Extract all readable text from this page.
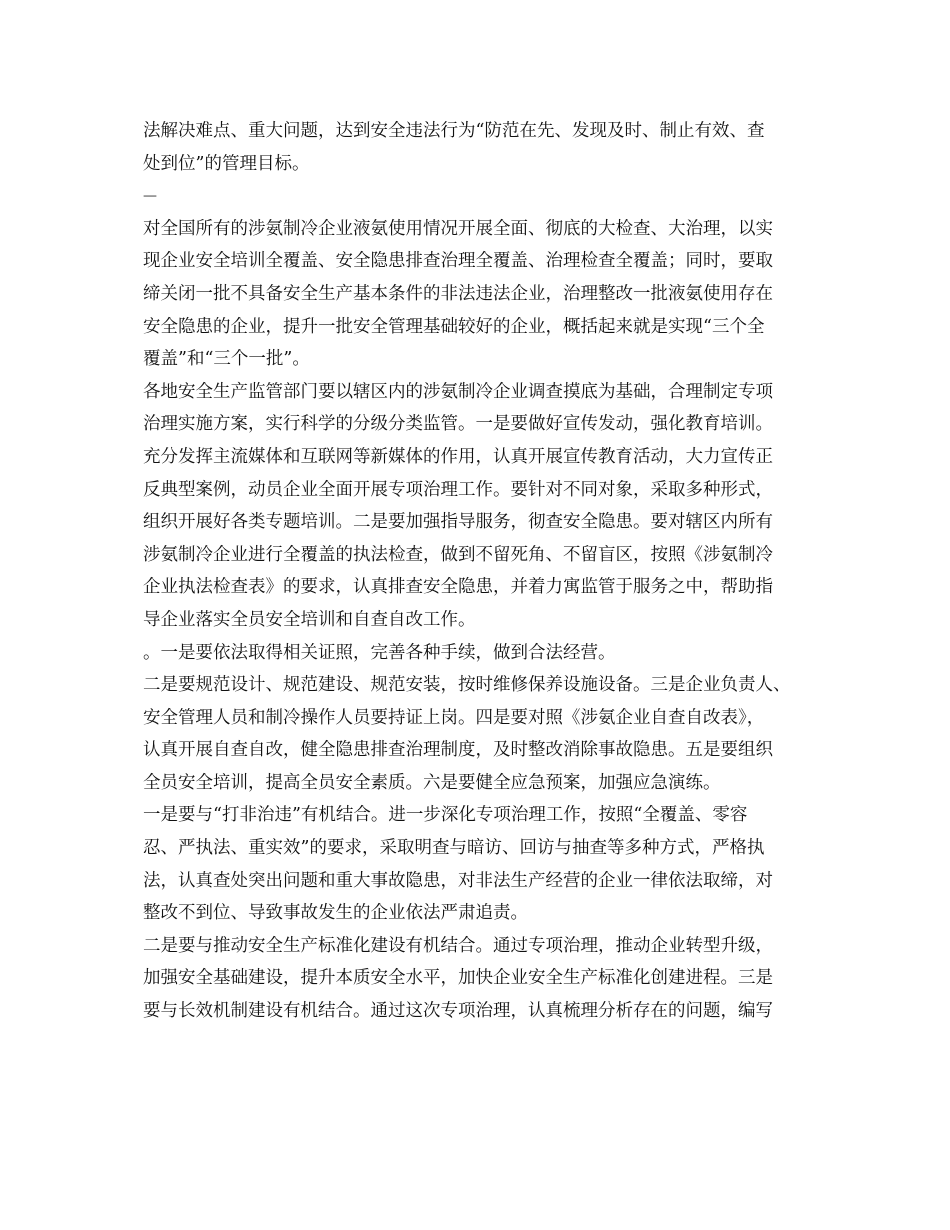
法解决难点、重大问题，达到安全违法行为“防范在先、发现及时、制止有效、查
处到位”的管理目标。
—
对全国所有的涉氨制冷企业液氨使用情况开展全面、彻底的大检查、大治理，以实
现企业安全培训全覆盖、安全隐患排查治理全覆盖、治理检查全覆盖；同时，要取
缔关闭一批不具备安全生产基本条件的非法违法企业，治理整改一批液氨使用存在
安全隐患的企业，提升一批安全管理基础较好的企业，概括起来就是实现“三个全
覆盖”和“三个一批”。
各地安全生产监管部门要以辖区内的涉氨制冷企业调查摸底为基础，合理制定专项
治理实施方案，实行科学的分级分类监管。一是要做好宣传发动，强化教育培训。
充分发挥主流媒体和互联网等新媒体的作用，认真开展宣传教育活动，大力宣传正
反典型案例，动员企业全面开展专项治理工作。要针对不同对象，采取多种形式，
组织开展好各类专题培训。二是要加强指导服务，彻查安全隐患。要对辖区内所有
涉氨制冷企业进行全覆盖的执法检查，做到不留死角、不留盲区，按照《涉氨制冷
企业执法检查表》的要求，认真排查安全隐患，并着力寓监管于服务之中，帮助指
导企业落实全员安全培训和自查自改工作。
。一是要依法取得相关证照，完善各种手续，做到合法经营。
二是要规范设计、规范建设、规范安装，按时维修保养设施设备。三是企业负责人、
安全管理人员和制冷操作人员要持证上岗。四是要对照《涉氨企业自查自改表》，
认真开展自查自改，健全隐患排查治理制度，及时整改消除事故隐患。五是要组织
全员安全培训，提高全员安全素质。六是要健全应急预案，加强应急演练。
一是要与“打非治违”有机结合。进一步深化专项治理工作，按照“全覆盖、零容
忍、严执法、重实效”的要求，采取明查与暗访、回访与抽查等多种方式，严格执
法，认真查处突出问题和重大事故隐患，对非法生产经营的企业一律依法取缔，对
整改不到位、导致事故发生的企业依法严肃追责。
二是要与推动安全生产标准化建设有机结合。通过专项治理，推动企业转型升级，
加强安全基础建设，提升本质安全水平，加快企业安全生产标准化创建进程。三是
要与长效机制建设有机结合。通过这次专项治理，认真梳理分析存在的问题，编写
